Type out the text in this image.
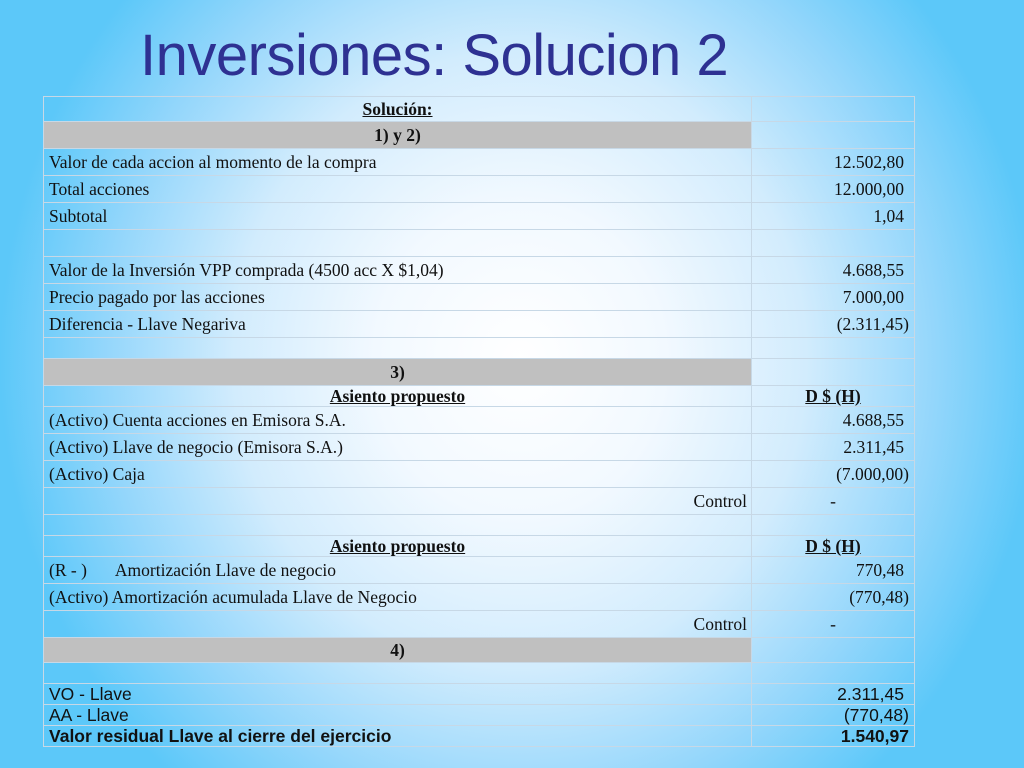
Inversiones: Solucion 2
Solución:	
1) y 2)	
Valor de cada accion al momento de la compra	12.502,80
Total acciones	12.000,00
Subtotal	1,04

Valor de la Inversión VPP comprada (4500 acc X $1,04)	4.688,55
Precio pagado por las acciones	7.000,00
Diferencia - Llave Negariva	(2.311,45)

3)	
Asiento propuesto	D $ (H)
(Activo) Cuenta acciones en Emisora S.A.	4.688,55
(Activo) Llave de negocio (Emisora S.A.)	2.311,45
(Activo) Caja	(7.000,00)
Control	-

Asiento propuesto	D $ (H)
(R - ) Amortización Llave de negocio	770,48
(Activo) Amortización acumulada Llave de Negocio	(770,48)
Control	-
4)	

VO - Llave	2.311,45
AA - Llave	(770,48)
Valor residual Llave al cierre del ejercicio	1.540,97
